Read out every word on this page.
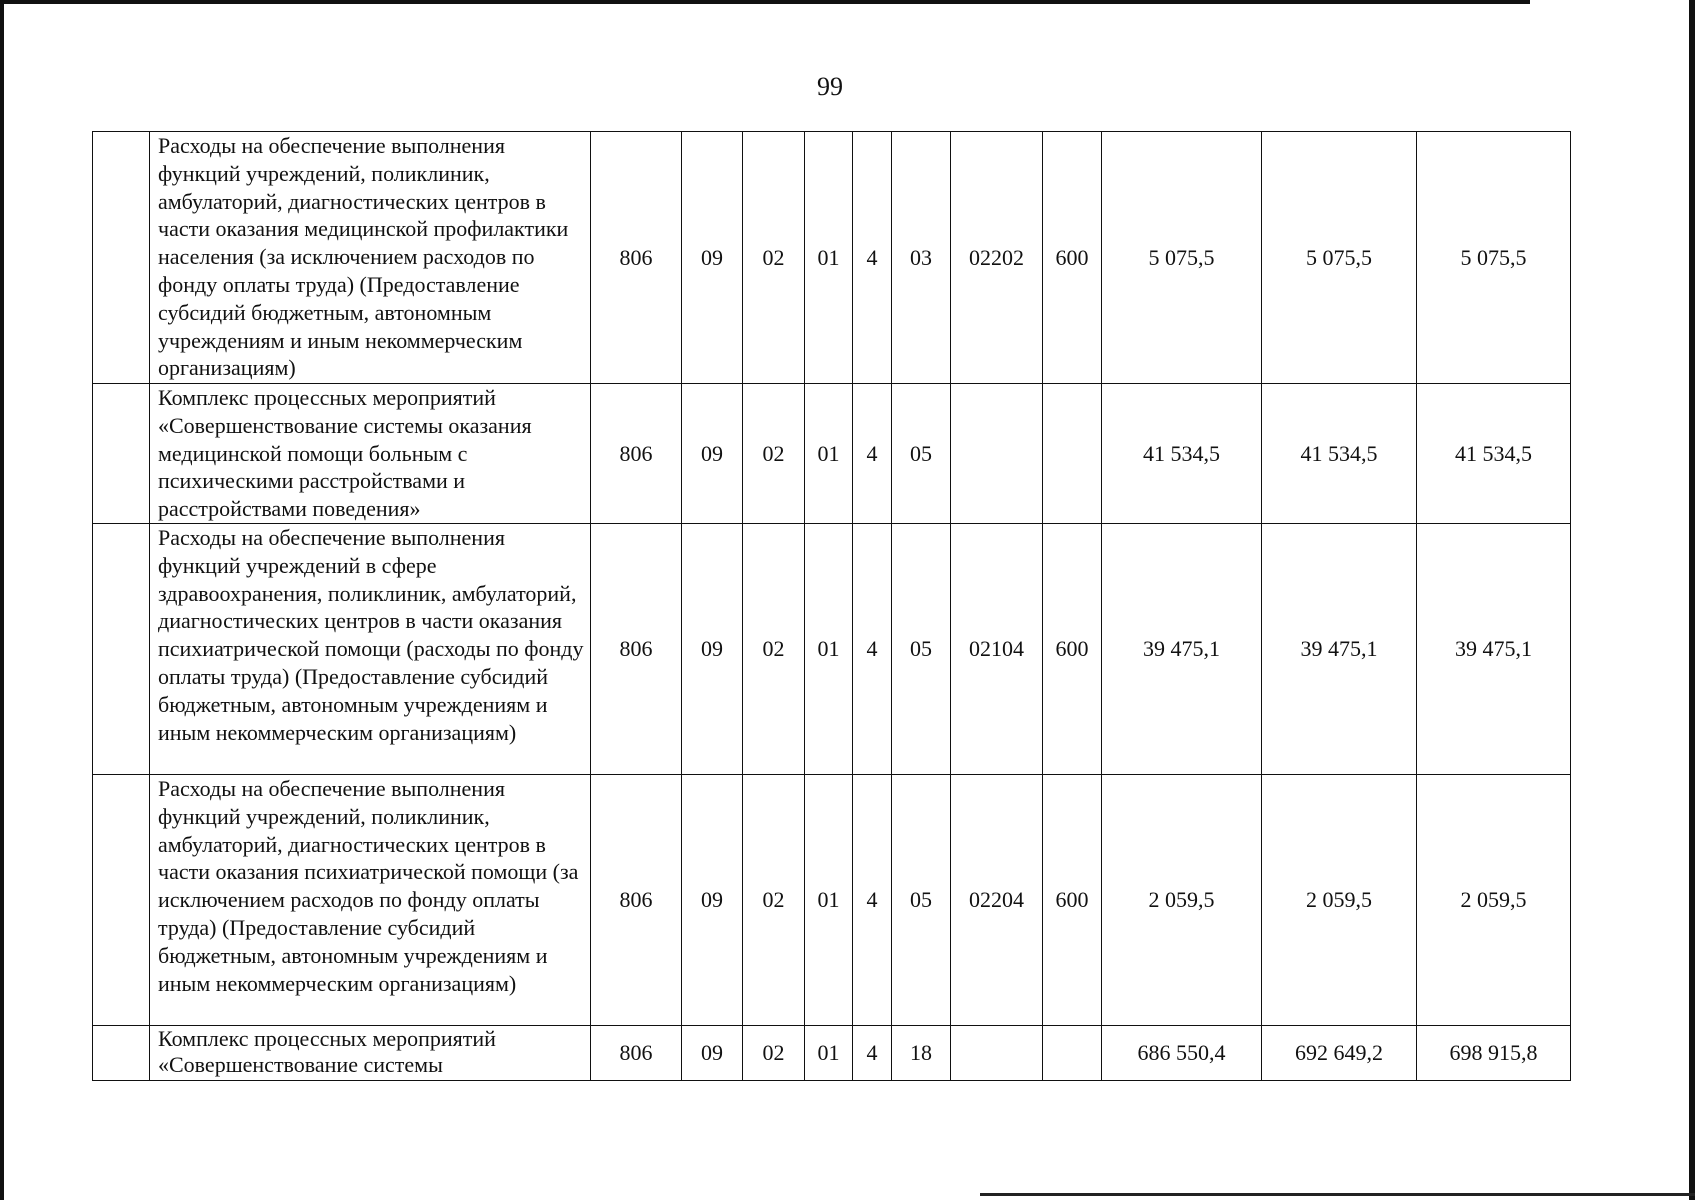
99
	Расходы на обеспечение выполнения функций учреждений, поликлиник, амбулаторий, диагностических центров в части оказания медицинской профилактики населения (за исключением расходов по фонду оплаты труда) (Предоставление субсидий бюджетным, автономным учреждениям и иным некоммерческим организациям)	806	09	02	01	4	03	02202	600	5 075,5	5 075,5	5 075,5
	Комплекс процессных мероприятий «Совершенствование системы оказания медицинской помощи больным с психическими расстройствами и расстройствами поведения»	806	09	02	01	4	05			41 534,5	41 534,5	41 534,5
	Расходы на обеспечение выполнения функций учреждений в сфере здравоохранения, поликлиник, амбулаторий, диагностических центров в части оказания психиатрической помощи (расходы по фонду оплаты труда) (Предоставление субсидий бюджетным, автономным учреждениям и иным некоммерческим организациям)	806	09	02	01	4	05	02104	600	39 475,1	39 475,1	39 475,1
	Расходы на обеспечение выполнения функций учреждений, поликлиник, амбулаторий, диагностических центров в части оказания психиатрической помощи (за исключением расходов по фонду оплаты труда) (Предоставление субсидий бюджетным, автономным учреждениям и иным некоммерческим организациям)	806	09	02	01	4	05	02204	600	2 059,5	2 059,5	2 059,5
	Комплекс процессных мероприятий «Совершенствование системы	806	09	02	01	4	18			686 550,4	692 649,2	698 915,8
